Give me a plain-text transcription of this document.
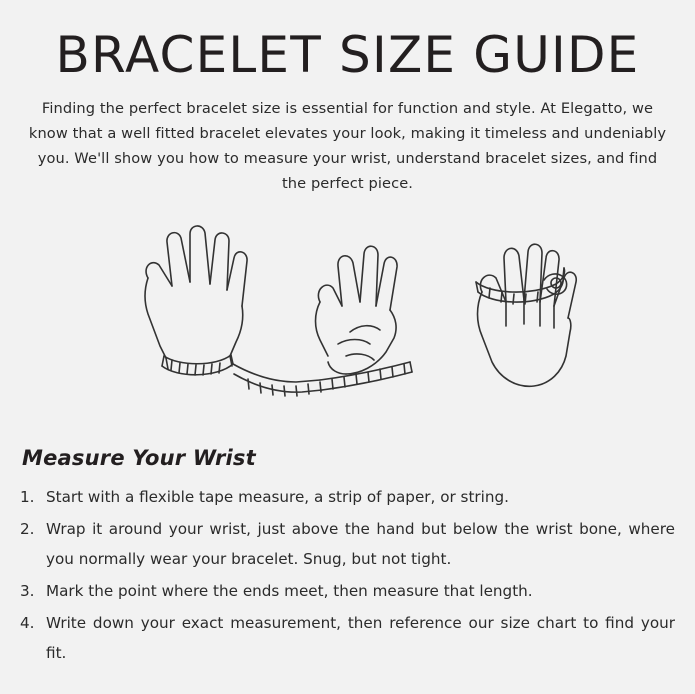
BRACELET SIZE GUIDE

Finding the perfect bracelet size is essential for function and style. At Elegatto, we know that a well fitted bracelet elevates your look, making it timeless and undeniably you. We'll show you how to measure your wrist, understand bracelet sizes, and find the perfect piece.

Measure Your Wrist
1. Start with a flexible tape measure, a strip of paper, or string.
2. Wrap it around your wrist, just above the hand but below the wrist bone, where you normally wear your bracelet. Snug, but not tight.
3. Mark the point where the ends meet, then measure that length.
4. Write down your exact measurement, then reference our size chart to find your fit.
